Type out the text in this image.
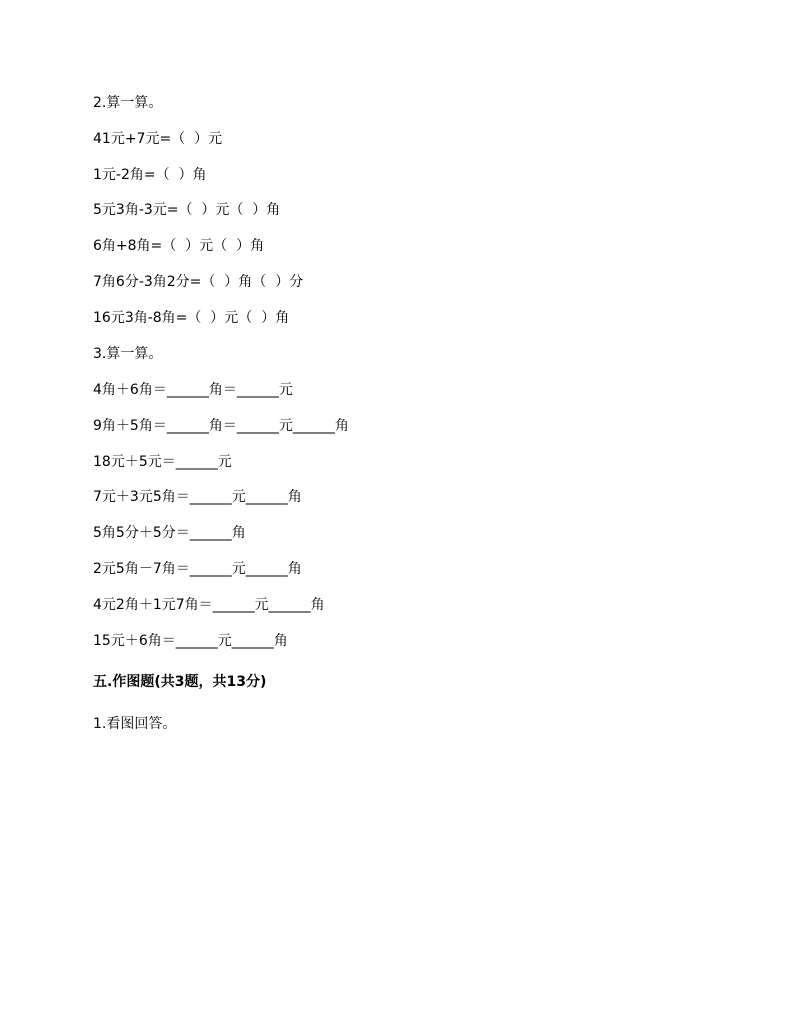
2.算一算。
41元+7元=（  ）元
1元-2角=（  ）角
5元3角-3元=（  ）元（  ）角
6角+8角=（  ）元（  ）角
7角6分-3角2分=（  ）角（  ）分
16元3角-8角=（  ）元（  ）角
3.算一算。
4角＋6角＝______角＝______元
9角＋5角＝______角＝______元______角
18元＋5元＝______元
7元＋3元5角＝______元______角
5角5分＋5分＝______角
2元5角－7角＝______元______角
4元2角＋1元7角＝______元______角
15元＋6角＝______元______角
五.作图题(共3题，共13分)
1.看图回答。
